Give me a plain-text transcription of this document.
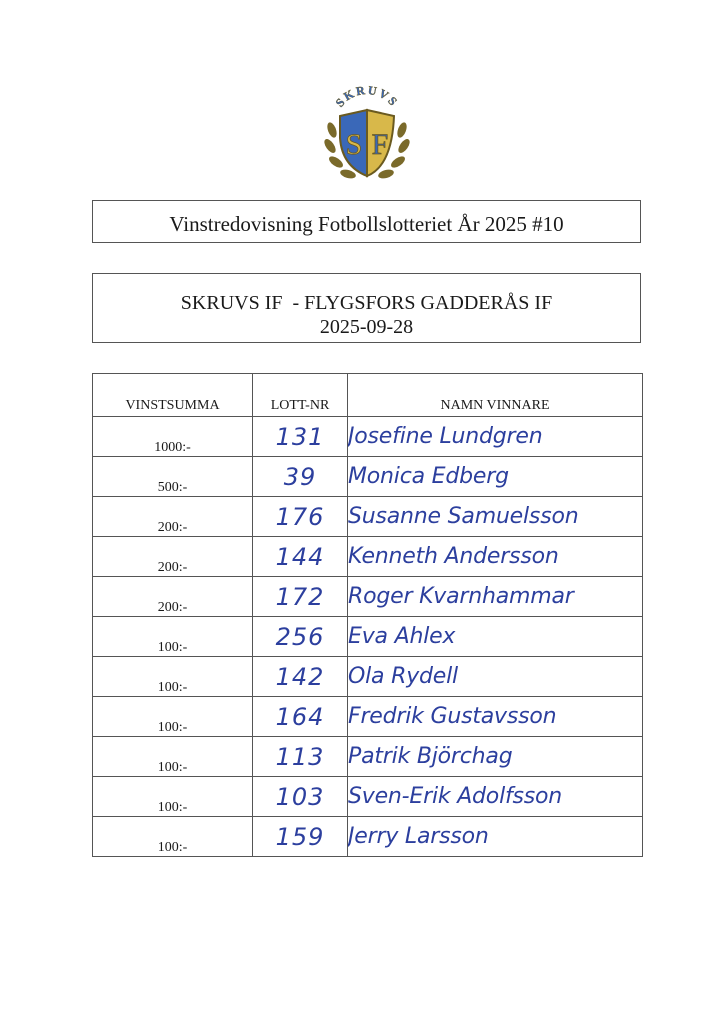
S F
SKRUVS
Vinstredovisning Fotbollslotteriet År 2025 #10
SKRUVS IF  - FLYGSFORS GADDERÅS IF
2025-09-28
VINSTSUMMA	LOTT-NR	NAMN VINNARE
1000:-	131	Josefine Lundgren
500:-	39	Monica Edberg
200:-	176	Susanne Samuelsson
200:-	144	Kenneth Andersson
200:-	172	Roger Kvarnhammar
100:-	256	Eva Ahlex
100:-	142	Ola Rydell
100:-	164	Fredrik Gustavsson
100:-	113	Patrik Björchag
100:-	103	Sven-Erik Adolfsson
100:-	159	Jerry Larsson
